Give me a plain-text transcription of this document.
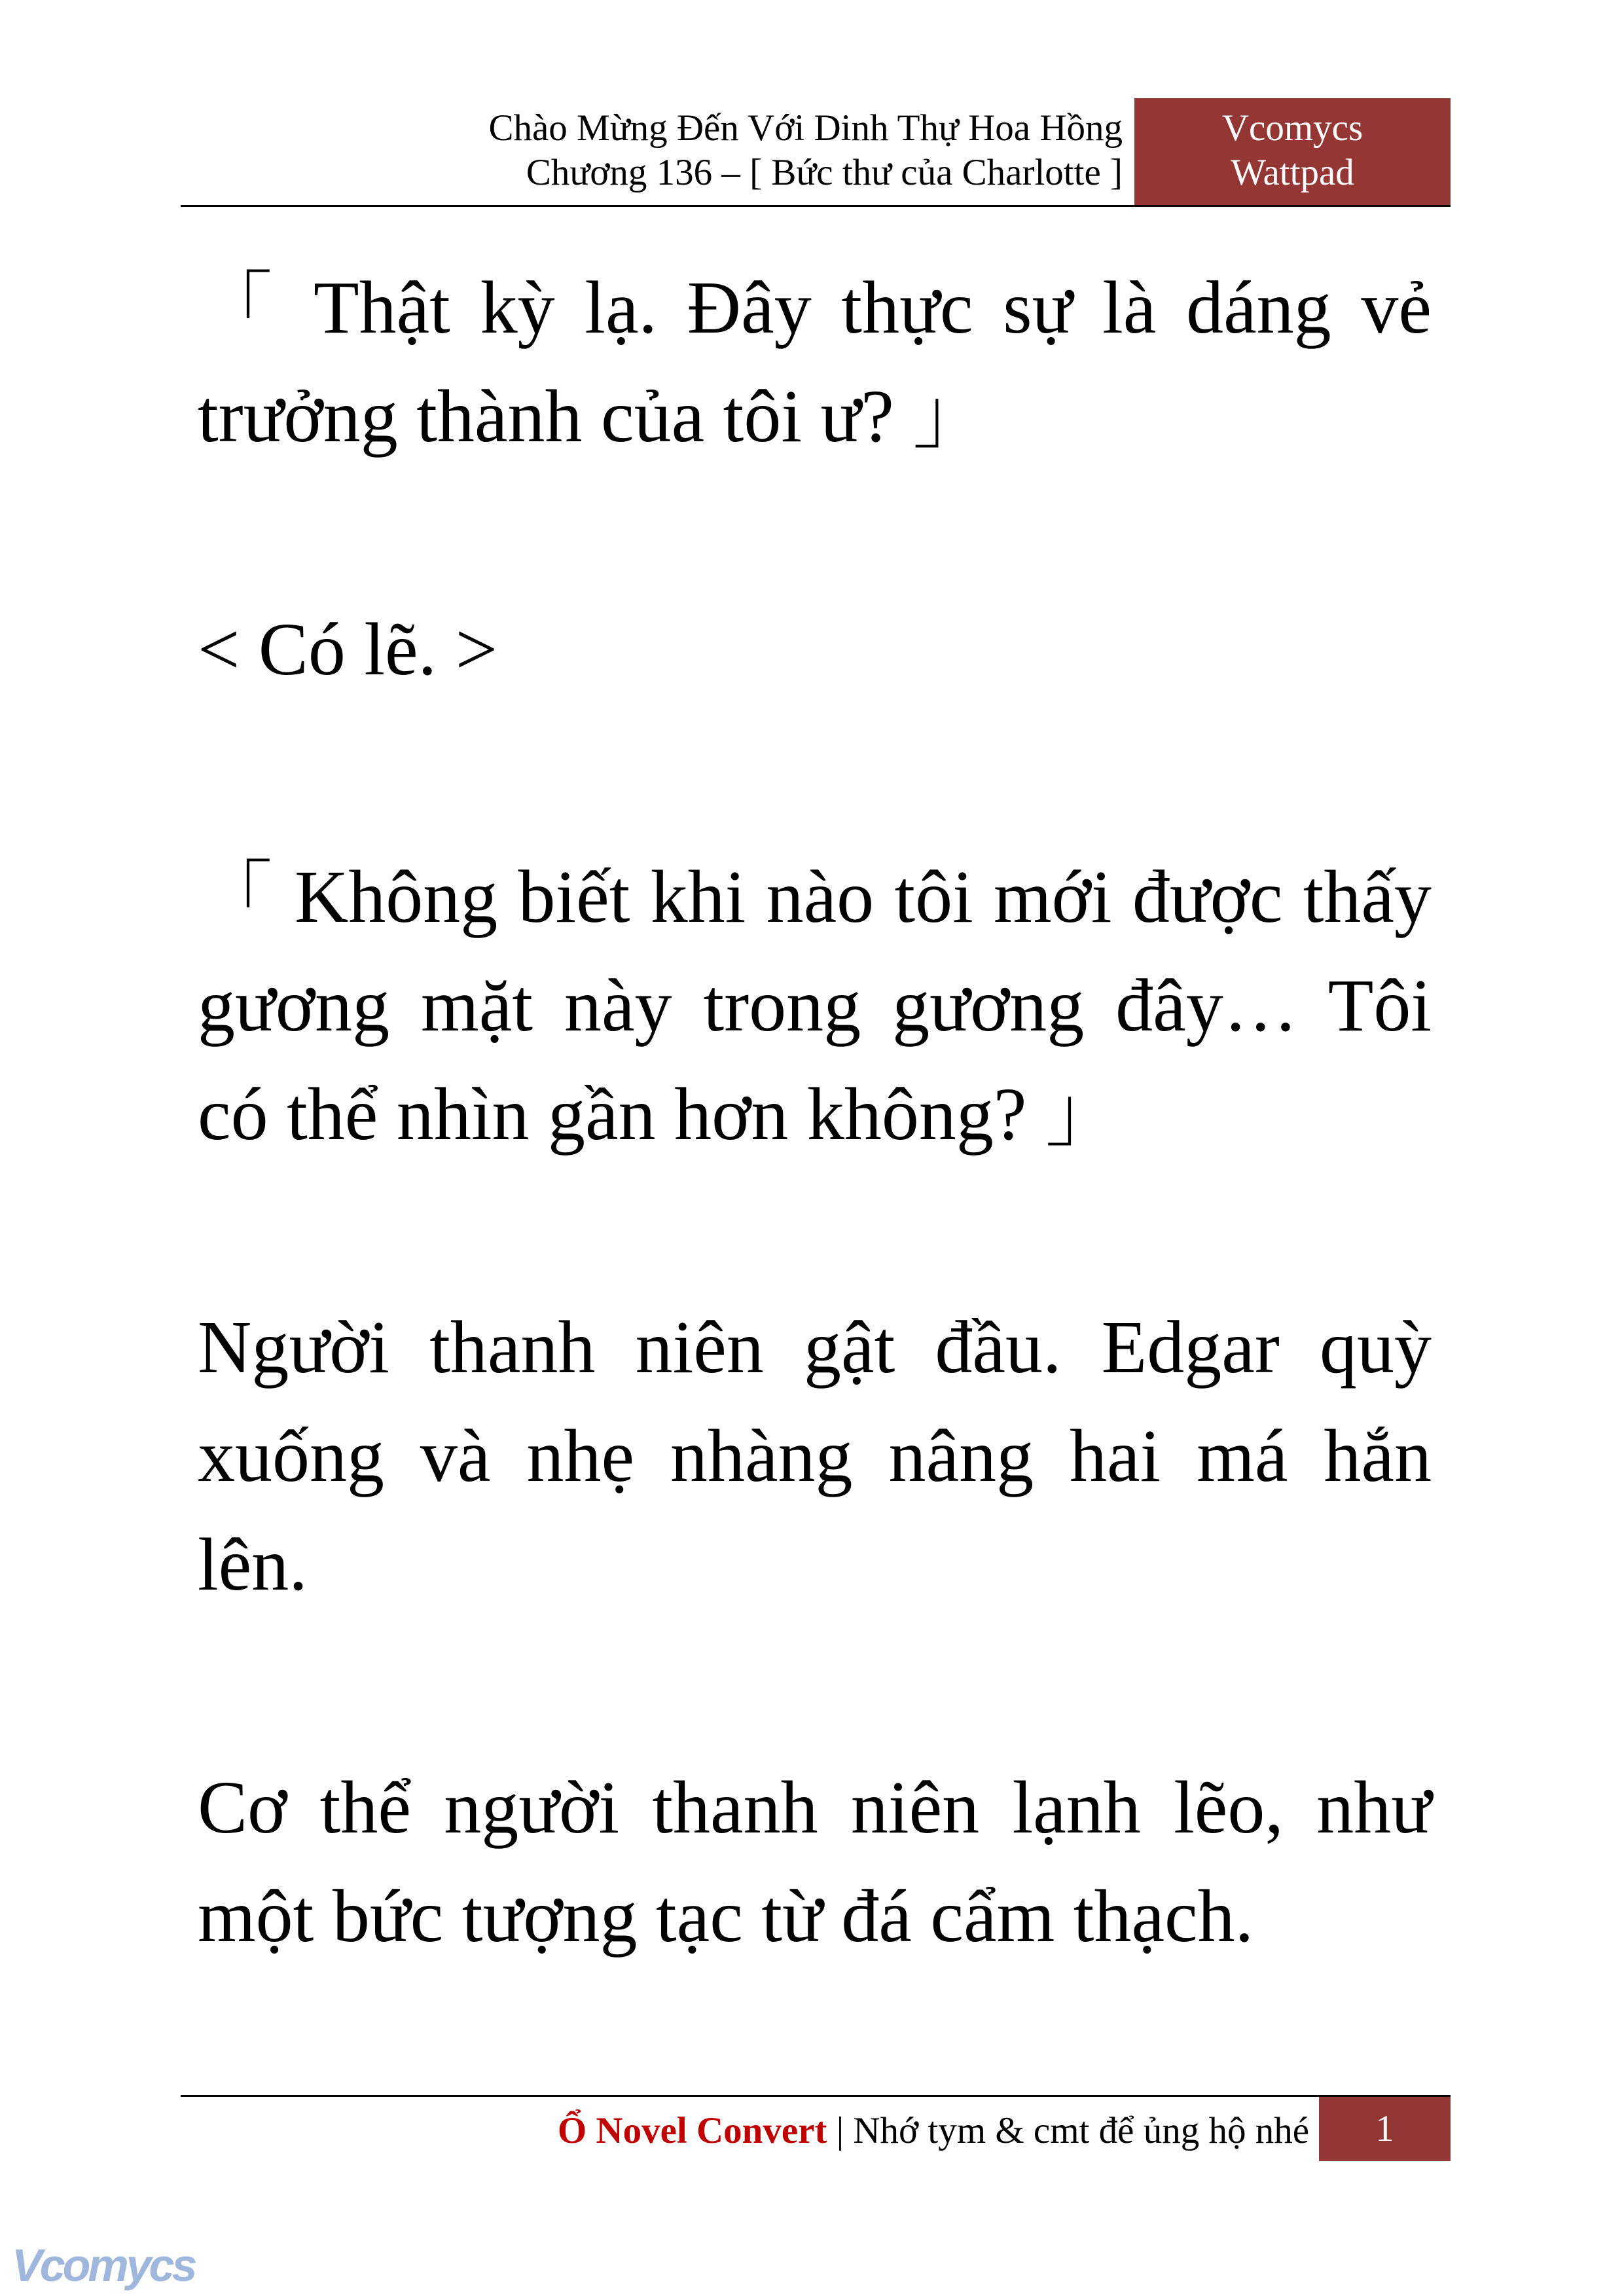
Chào Mừng Đến Với Dinh Thự Hoa Hồng
Chương 136 – [ Bức thư của Charlotte ]
Vcomycs
Wattpad

「 Thật kỳ lạ. Đây thực sự là dáng vẻ trưởng thành của tôi ư? 」

< Có lẽ. >

「 Không biết khi nào tôi mới được thấy gương mặt này trong gương đây… Tôi có thể nhìn gần hơn không? 」

Người thanh niên gật đầu. Edgar quỳ xuống và nhẹ nhàng nâng hai má hắn lên.

Cơ thể người thanh niên lạnh lẽo, như một bức tượng tạc từ đá cẩm thạch.

Ổ Novel Convert | Nhớ tym & cmt để ủng hộ nhé	1
Vcomycs
